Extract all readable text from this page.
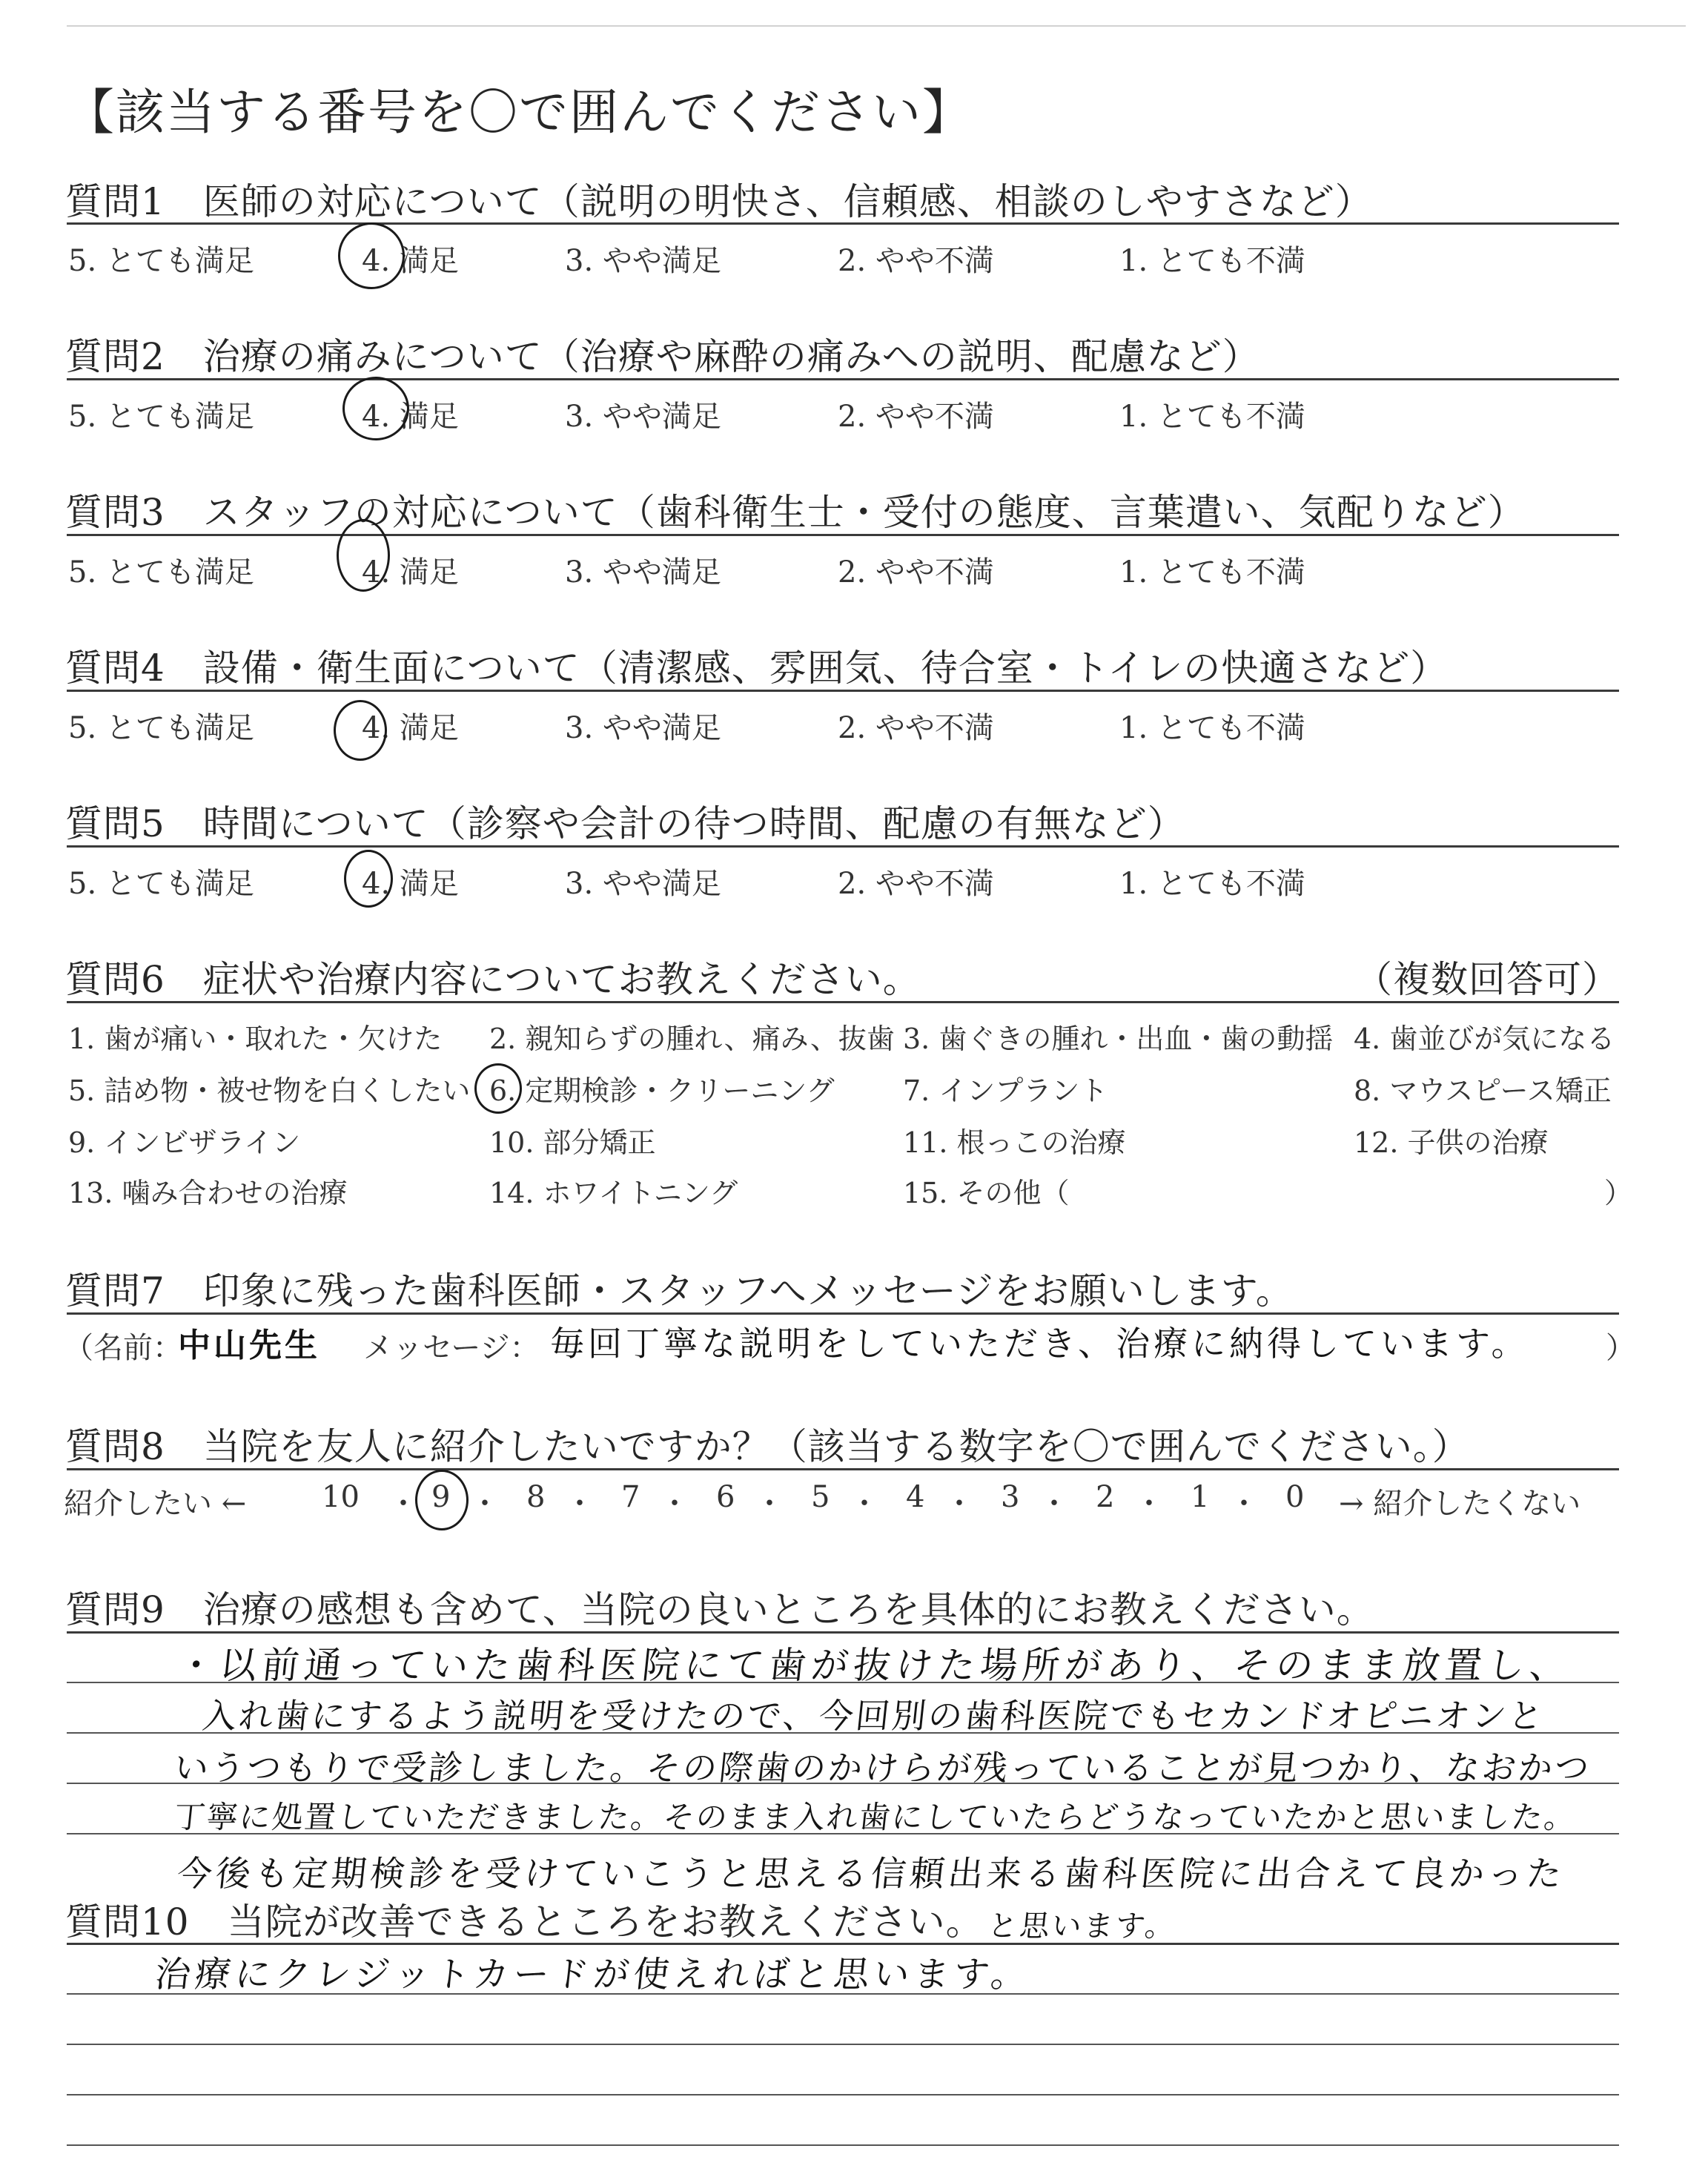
【該当する番号を〇で囲んでください】
質問1　医師の対応について（説明の明快さ、信頼感、相談のしやすさなど）
5. とても満足	4. 満足	3. やや満足	2. やや不満	1. とても不満
質問2　治療の痛みについて（治療や麻酔の痛みへの説明、配慮など）
5. とても満足	4. 満足	3. やや満足	2. やや不満	1. とても不満
質問3　スタッフの対応について（歯科衛生士・受付の態度、言葉遣い、気配りなど）
5. とても満足	4. 満足	3. やや満足	2. やや不満	1. とても不満
質問4　設備・衛生面について（清潔感、雰囲気、待合室・トイレの快適さなど）
5. とても満足	4. 満足	3. やや満足	2. やや不満	1. とても不満
質問5　時間について（診察や会計の待つ時間、配慮の有無など）
5. とても満足	4. 満足	3. やや満足	2. やや不満	1. とても不満
質問6　症状や治療内容についてお教えください。	（複数回答可）
1. 歯が痛い・取れた・欠けた 2. 親知らずの腫れ、痛み、抜歯 3. 歯ぐきの腫れ・出血・歯の動揺 4. 歯並びが気になる
5. 詰め物・被せ物を白くしたい 6. 定期検診・クリーニング 7. インプラント	8. マウスピース矯正
9. インビザライン	10. 部分矯正	11. 根っこの治療	12. 子供の治療
13. 噛み合わせの治療	14. ホワイトニング	15. その他（	）
質問7　印象に残った歯科医師・スタッフへメッセージをお願いします。
（名前：
中山先生 メッセージ： 毎回丁寧な説明をしていただき、治療に納得しています。	）
質問8　当院を友人に紹介したいですか？（該当する数字を〇で囲んでください。）
紹介したい ←	10 ・ 9 ・ 8 ・ 7 ・ 6 ・ 5 ・ 4 ・ 3 ・ 2 ・ 1 ・ 0 → 紹介したくない
質問9　治療の感想も含めて、当院の良いところを具体的にお教えください。
・以前通っていた歯科医院にて歯が抜けた場所があり、そのまま放置し、
入れ歯にするよう説明を受けたので、今回別の歯科医院でもセカンドオピニオンと
いうつもりで受診しました。その際歯のかけらが残っていることが見つかり、なおかつ
丁寧に処置していただきました。そのまま入れ歯にしていたらどうなっていたかと思いました。
今後も定期検診を受けていこうと思える信頼出来る歯科医院に出合えて良かった
と思います。
質問10　当院が改善できるところをお教えください。
治療にクレジットカードが使えればと思います。
